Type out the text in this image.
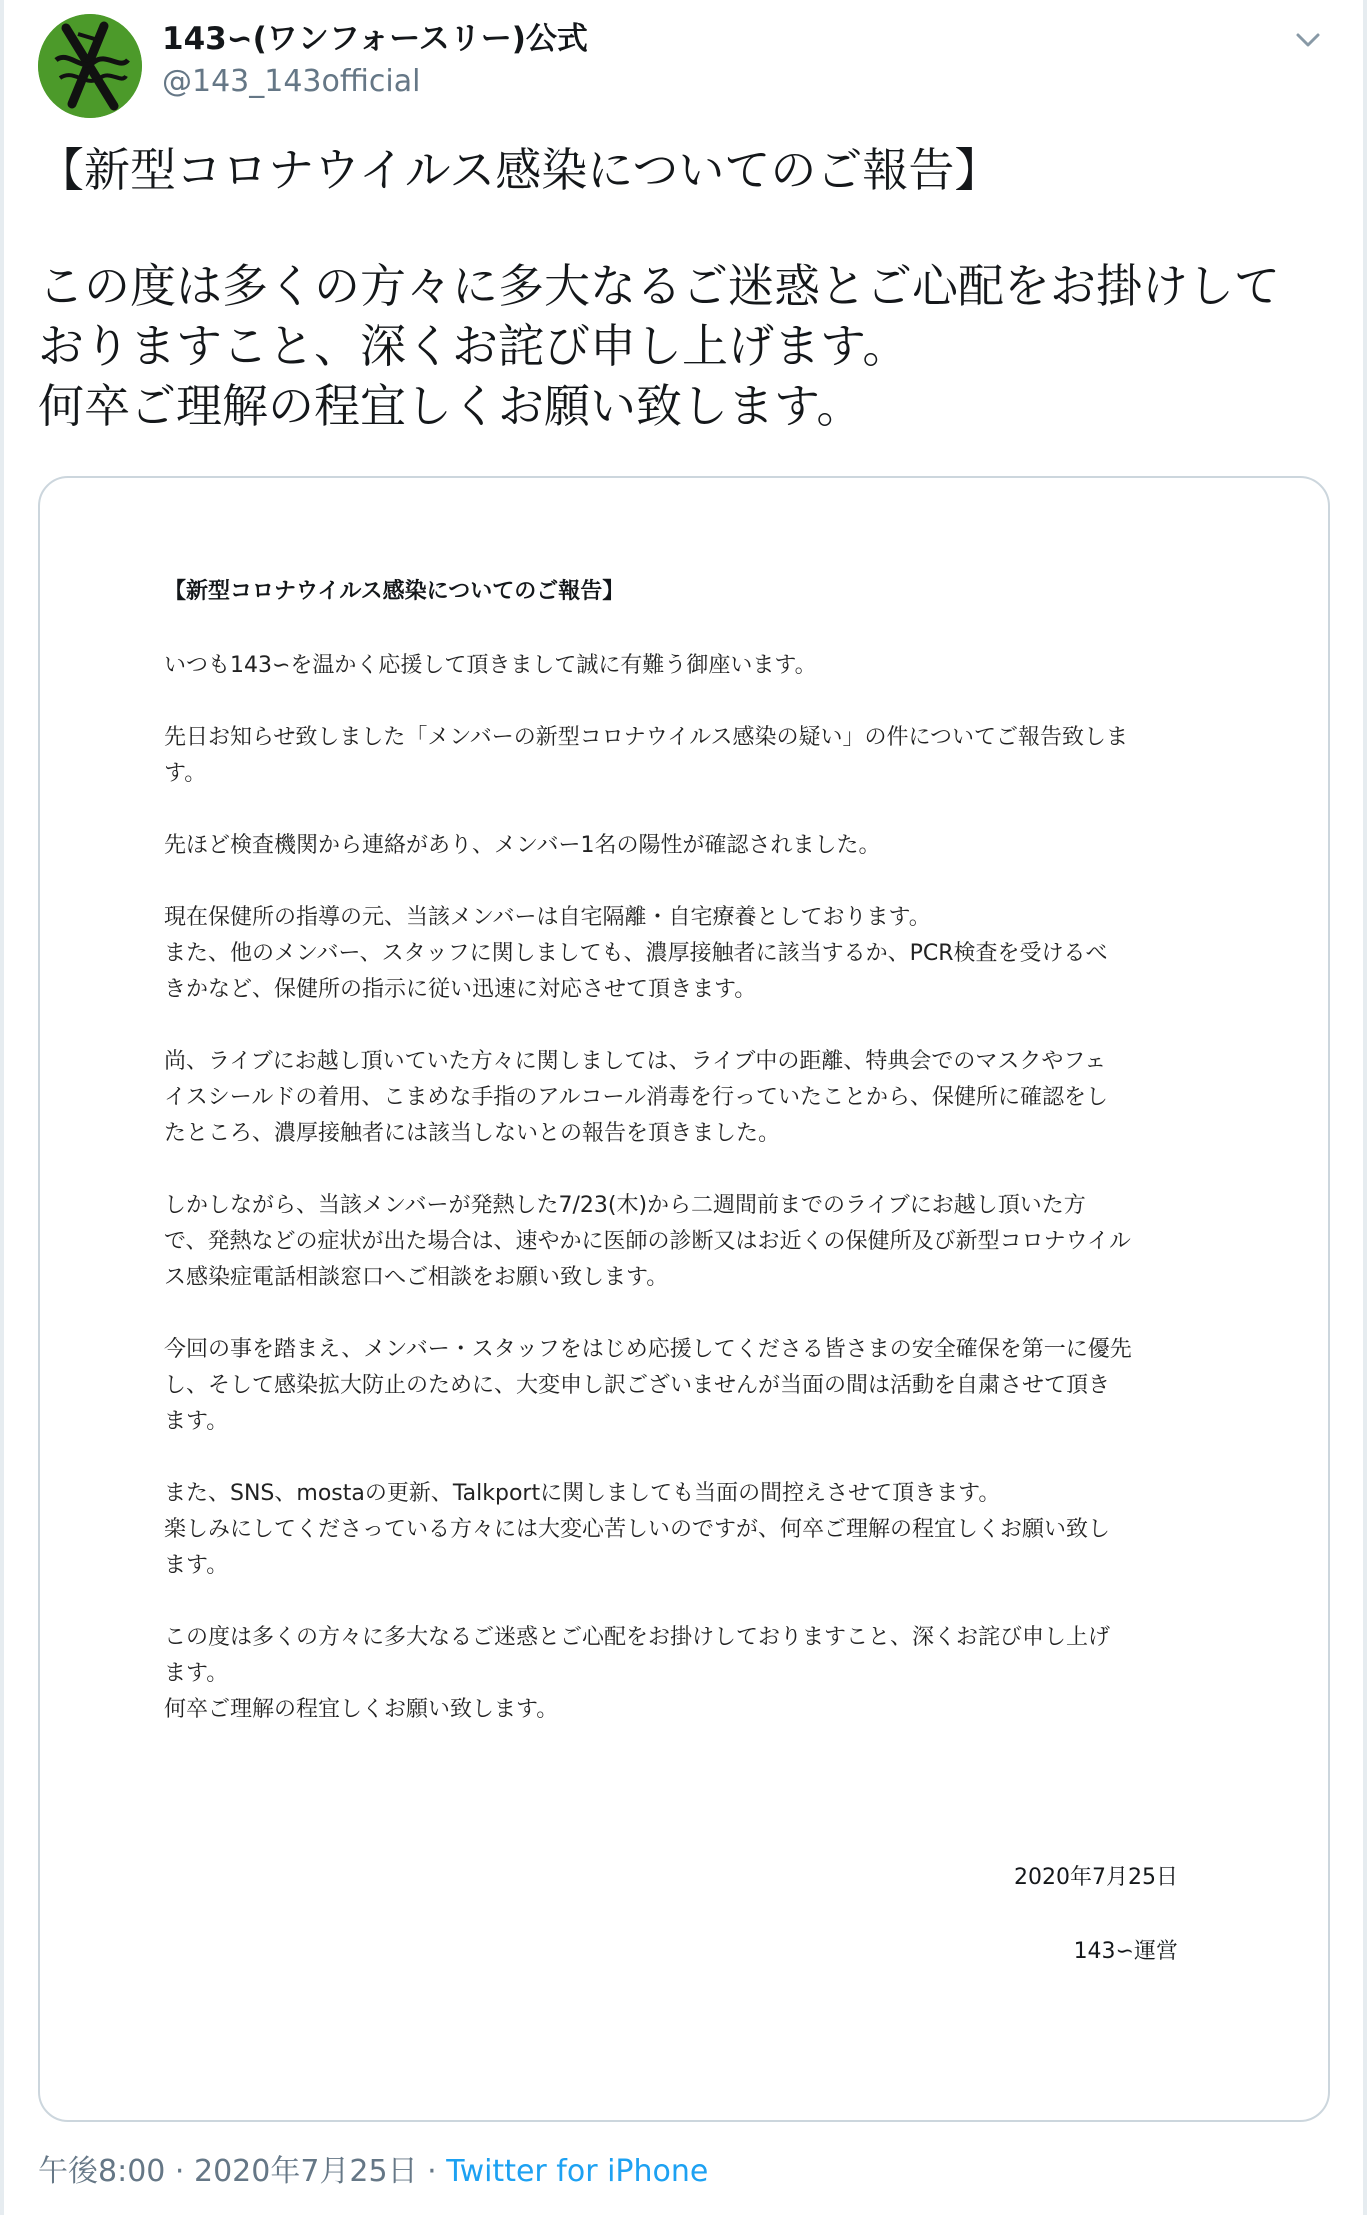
143∽(ワンフォースリー)公式
@143_143official
【新型コロナウイルス感染についてのご報告】
この度は多くの方々に多大なるご迷惑とご心配をお掛けして
おりますこと、深くお詫び申し上げます。
何卒ご理解の程宜しくお願い致します。
【新型コロナウイルス感染についてのご報告】
いつも143∽を温かく応援して頂きまして誠に有難う御座います。
先日お知らせ致しました「メンバーの新型コロナウイルス感染の疑い」の件についてご報告致しま
す。
先ほど検査機関から連絡があり、メンバー1名の陽性が確認されました。
現在保健所の指導の元、当該メンバーは自宅隔離・自宅療養としております。
また、他のメンバー、スタッフに関しましても、濃厚接触者に該当するか、PCR検査を受けるべ
きかなど、保健所の指示に従い迅速に対応させて頂きます。
尚、ライブにお越し頂いていた方々に関しましては、ライブ中の距離、特典会でのマスクやフェ
イスシールドの着用、こまめな手指のアルコール消毒を行っていたことから、保健所に確認をし
たところ、濃厚接触者には該当しないとの報告を頂きました。
しかしながら、当該メンバーが発熱した7/23(木)から二週間前までのライブにお越し頂いた方
で、発熱などの症状が出た場合は、速やかに医師の診断又はお近くの保健所及び新型コロナウイル
ス感染症電話相談窓口へご相談をお願い致します。
今回の事を踏まえ、メンバー・スタッフをはじめ応援してくださる皆さまの安全確保を第一に優先
し、そして感染拡大防止のために、大変申し訳ございませんが当面の間は活動を自粛させて頂き
ます。
また、SNS、mostaの更新、Talkportに関しましても当面の間控えさせて頂きます。
楽しみにしてくださっている方々には大変心苦しいのですが、何卒ご理解の程宜しくお願い致し
ます。
この度は多くの方々に多大なるご迷惑とご心配をお掛けしておりますこと、深くお詫び申し上げ
ます。
何卒ご理解の程宜しくお願い致します。
2020年7月25日
143∽運営
午後8:00 · 2020年7月25日 · Twitter for iPhone
